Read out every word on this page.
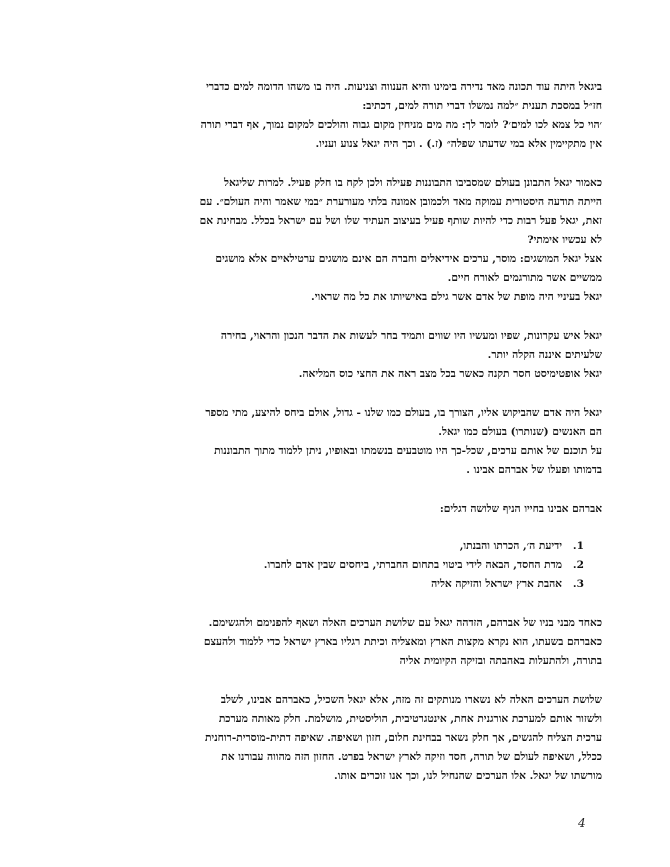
ביגאל היתה עוד תכונה מאד נדירה בימינו והיא הענווה וצניעות. היה בו משהו הדומה למים כדברי
חז״ל במסכת תענית ״למה נמשלו דברי תורה למים, דכתיב:
׳הוי כל צמא לכו למים׳? לומר לך: מה מים מניחין מקום גבוה והולכים למקום נמוך, אף דברי תורה
אין מתקיימין אלא במי שדעתו שפלה״ (ז.) . וכך היה יגאל צנוע ועניו.
כאמור יגאל התבונן בעולם שמסביבו התבוננות פעילה ולכן לקח בו חלק פעיל. למרות שליגאל
הייתה תודעה היסטורית עמוקה מאד ולכמובן אמונה בלתי מעורערת ״במי שאמר והיה העולם״. עם
זאת, יגאל פעל רבות כדי להיות שותף פעיל בעיצוב העתיד שלו ושל עם ישראל בכלל. מבחינת אם
לא עכשיו אימתי?
אצל יגאל המושגים: מוסר, ערכים אידיאלים וחברה הם אינם מושגים ערטילאיים אלא מושגים
ממשיים אשר מתורגמים לאורח חיים.
יגאל בעיניי היה מופת של אדם אשר גילם באישיותו את כל מה שראוי.
יגאל איש עקרונות, שפיו ומעשיו היו שווים ותמיד בחר לעשות את הדבר הנכון והראוי, בחירה
שלעיתים איננה הקלה יותר.
יגאל אופטימיסט חסר תקנה כאשר בכל מצב ראה את החצי כוס המליאה.
יגאל היה אדם שהביקוש אליו, הצורך בו, בעולם כמו שלנו - גדול, אולם ביחס להיצע, מתי מספר
הם האנשים (שנותרו) בעולם כמו יגאל.
על תוכנם של אותם ערכים, שכל-כך היו מוטבעים בנשמתו ובאופיו, ניתן ללמוד מתוך התבוננות
בדמותו ופעלו של אברהם אבינו .
אברהם אבינו בחייו הניף שלושה דגלים:
1.ידיעת ה׳, הכרתו והבנתו,
2.מדת החסד, הבאה לידי ביטוי בתחום החברתי, ביחסים שבין אדם לחברו.
3.אהבת ארץ ישראל והזיקה אליה
כאחד מבני בניו של אברהם, הזדהה יגאל עם שלושת הערכים האלה ושאף להפנימם ולהגשימם.
כאברהם בשעתו, הוא נקרא מקצות הארץ ומאצליה וכיתת רגליו בארץ ישראל כדי ללמוד ולהעצם
בתורה, ולהתעלות באהבתה ובזיקה הקיומית אליה
שלושת הערכים האלה לא נשארו מנותקים זה מזה, אלא יגאל השכיל, כאברהם אבינו, לשלב
ולשזור אותם למערכת אורגנית אחת, אינטגרטיבית, הוליסטית, מושלמת. חלק מאותה מערכת
ערכית הצליח להגשים, אך חלק נשאר בבחינת חלום, חזון ושאיפה. שאיפה דתית-מוסרית-רוחנית
ככלל, ושאיפה לעולם של תורה, חסד וזיקה לארץ ישראל בפרט. החזון הזה מהווה עבורנו את
מורשתו של יגאל. אלו הערכים שהנחיל לנו, וכך אנו זוכרים אותו.
4
